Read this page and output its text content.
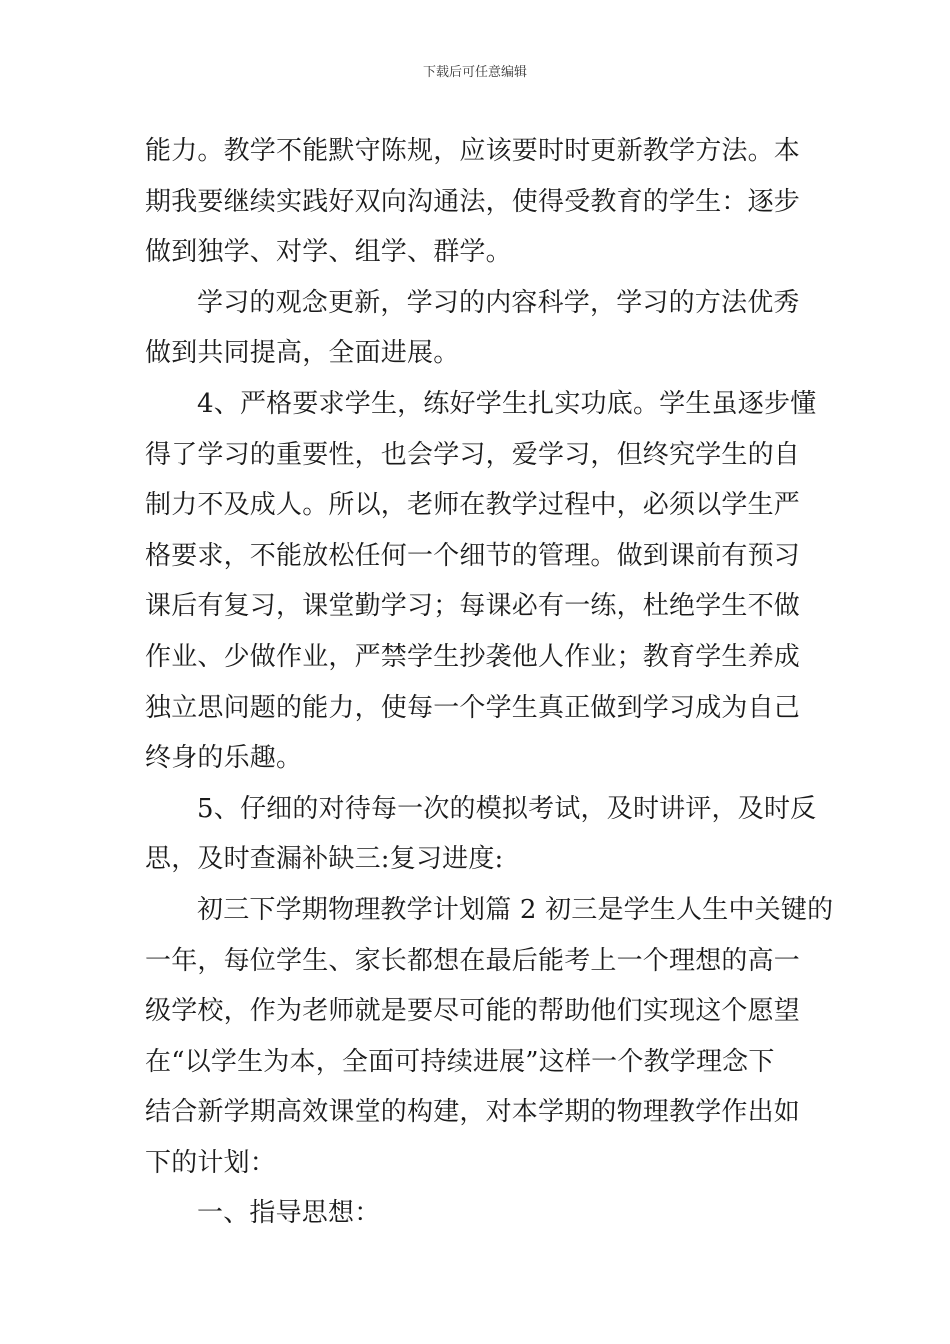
下载后可任意编辑

能力。教学不能默守陈规，应该要时时更新教学方法。本
期我要继续实践好双向沟通法，使得受教育的学生：逐步
做到独学、对学、组学、群学。

学习的观念更新，学习的内容科学，学习的方法优秀
做到共同提高，全面进展。

4、严格要求学生，练好学生扎实功底。学生虽逐步懂
得了学习的重要性，也会学习，爱学习，但终究学生的自
制力不及成人。所以，老师在教学过程中，必须以学生严
格要求，不能放松任何一个细节的管理。做到课前有预习
课后有复习，课堂勤学习；每课必有一练，杜绝学生不做
作业、少做作业，严禁学生抄袭他人作业；教育学生养成
独立思问题的能力，使每一个学生真正做到学习成为自己
终身的乐趣。

5、仔细的对待每一次的模拟考试，及时讲评，及时反
思，及时查漏补缺三:复习进度:

初三下学期物理教学计划篇 2 初三是学生人生中关键的
一年，每位学生、家长都想在最后能考上一个理想的高一
级学校，作为老师就是要尽可能的帮助他们实现这个愿望
在“以学生为本，全面可持续进展”这样一个教学理念下
结合新学期高效课堂的构建，对本学期的物理教学作出如
下的计划：

一、指导思想：
